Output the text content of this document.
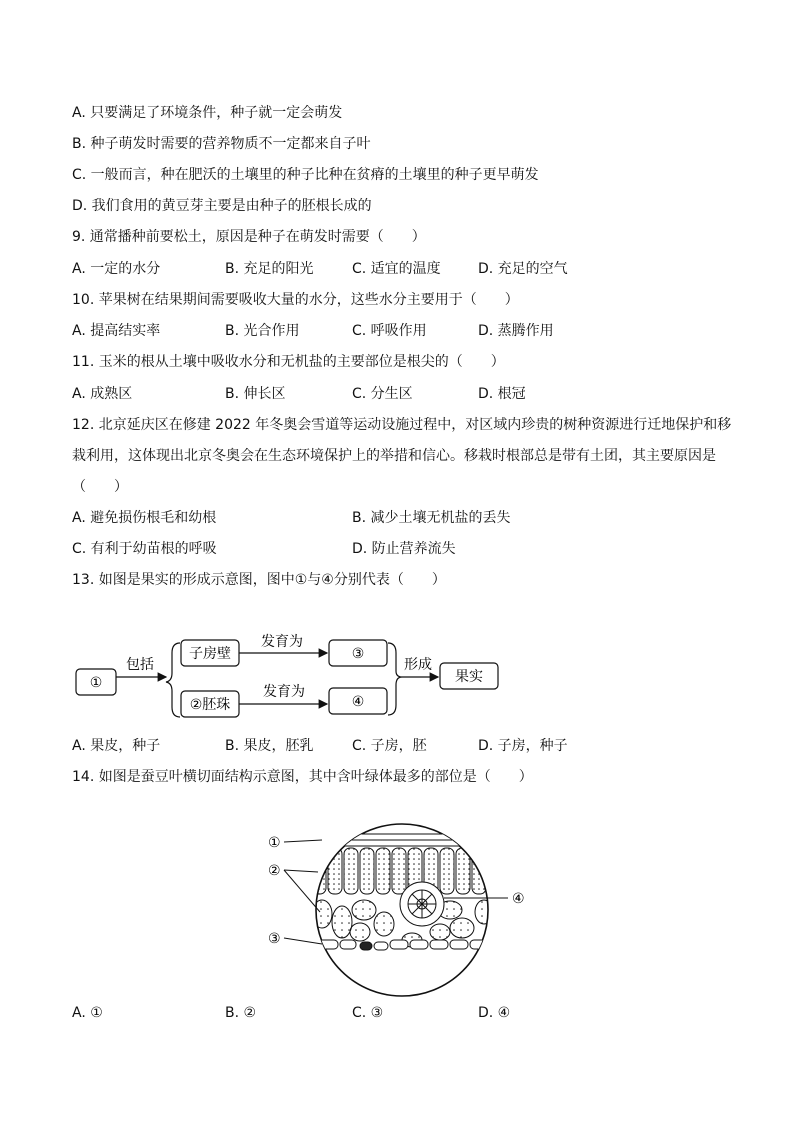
A. 只要满足了环境条件，种子就一定会萌发
B. 种子萌发时需要的营养物质不一定都来自子叶
C. 一般而言，种在肥沃的土壤里的种子比种在贫瘠的土壤里的种子更早萌发
D. 我们食用的黄豆芽主要是由种子的胚根长成的
9. 通常播种前要松土，原因是种子在萌发时需要（　　）
A. 一定的水分	B. 充足的阳光	C. 适宜的温度	D. 充足的空气
10. 苹果树在结果期间需要吸收大量的水分，这些水分主要用于（　　）
A. 提高结实率	B. 光合作用	C. 呼吸作用	D. 蒸腾作用
11. 玉米的根从土壤中吸收水分和无机盐的主要部位是根尖的（　　）
A. 成熟区	B. 伸长区	C. 分生区	D. 根冠
12. 北京延庆区在修建 2022 年冬奥会雪道等运动设施过程中，对区域内珍贵的树种资源进行迁地保护和移
栽利用，这体现出北京冬奥会在生态环境保护上的举措和信心。移栽时根部总是带有土团，其主要原因是
（　　）
A. 避免损伤根毛和幼根	B. 减少土壤无机盐的丢失
C. 有利于幼苗根的呼吸	D. 防止营养流失
13. 如图是果实的形成示意图，图中①与④分别代表（　　）
①
包括
子房壁
②胚珠
发育为
发育为
③
④
形成
果实
A. 果皮，种子	B. 果皮，胚乳	C. 子房，胚	D. 子房，种子
14. 如图是蚕豆叶横切面结构示意图，其中含叶绿体最多的部位是（　　）
①
②
③
④
A. ①	B. ②	C. ③	D. ④
